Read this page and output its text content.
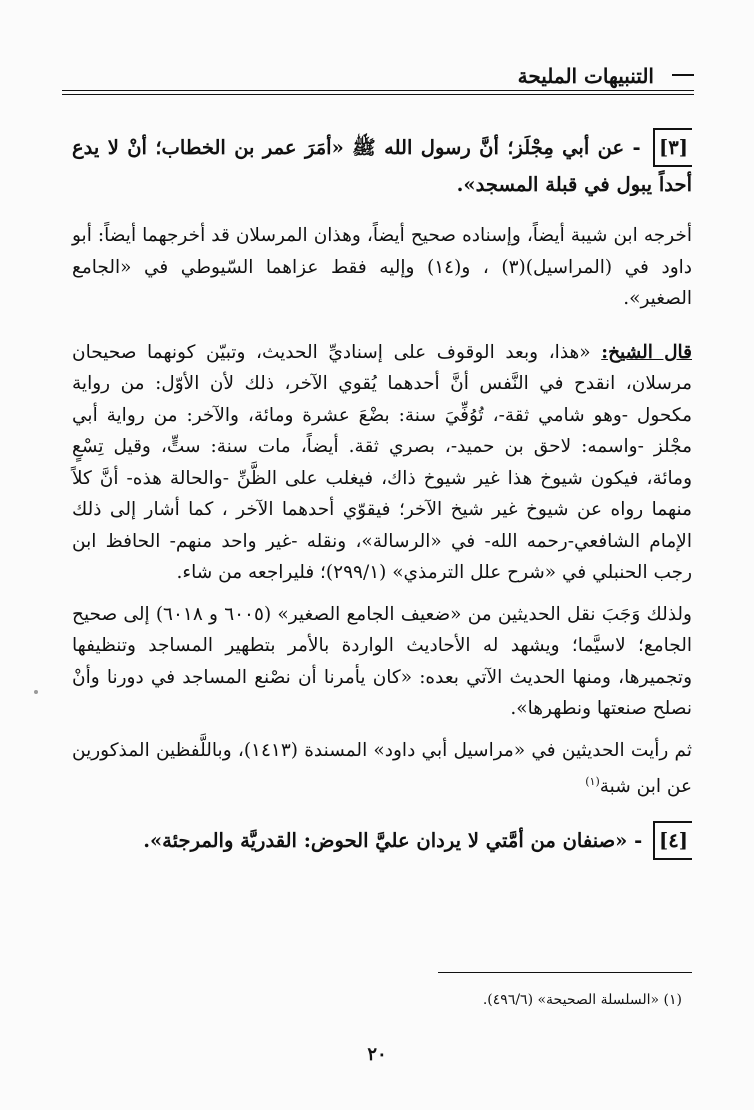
التنبيهات المليحة

[٣] - عن أبي مِجْلَز؛ أنَّ رسول الله ﷺ «أمَرَ عمر بن الخطاب؛ أنْ لا يدع أحداً يبول في قبلة المسجد».

أخرجه ابن شيبة أيضاً، وإسناده صحيح أيضاً، وهذان المرسلان قد أخرجهما أيضاً: أبو داود في (المراسيل)(٣) ، و(١٤) وإليه فقط عزاهما السّيوطي في «الجامع الصغير».

قال الشيخ: «هذا، وبعد الوقوف على إسناديِّ الحديث، وتبيّن كونهما صحيحان مرسلان، انقدح في النَّفس أنَّ أحدهما يُقوي الآخر، ذلك لأن الأوّل: من رواية مكحول -وهو شامي ثقة-، تُوُفِّيَ سنة: بضْعَ عشرة ومائة، والآخر: من رواية أبي مجْلز -واسمه: لاحق بن حميد-، بصري ثقة. أيضاً، مات سنة: ستٍّ، وقيل تِسْعٍ ومائة، فيكون شيوخ هذا غير شيوخ ذاك، فيغلب على الظَّنِّ -والحالة هذه- أنَّ كلاً منهما رواه عن شيوخ غير شيخ الآخر؛ فيقوّي أحدهما الآخر ، كما أشار إلى ذلك الإمام الشافعي-رحمه الله- في «الرسالة»، ونقله -غير واحد منهم- الحافظ ابن رجب الحنبلي في «شرح علل الترمذي» (٢٩٩/١)؛ فليراجعه من شاء.

ولذلك وَجَبَ نقل الحديثين من «ضعيف الجامع الصغير» (٦٠٠٥ و ٦٠١٨) إلى صحيح الجامع؛ لاسيَّما؛ ويشهد له الأحاديث الواردة بالأمر بتطهير المساجد وتنظيفها وتجميرها، ومنها الحديث الآتي بعده: «كان يأمرنا أن نصْنع المساجد في دورنا وأنْ نصلح صنعتها ونطهرها».

ثم رأيت الحديثين في «مراسيل أبي داود» المسندة (١٤١٣)، وباللَّفظين المذكورين عن ابن شبة$^{(١)}$

[٤] - «صنفان من أمَّتي لا يردان عليَّ الحوض: القدريَّة والمرجئة».

(١) «السلسلة الصحيحة» (٤٩٦/٦).
٢٠
